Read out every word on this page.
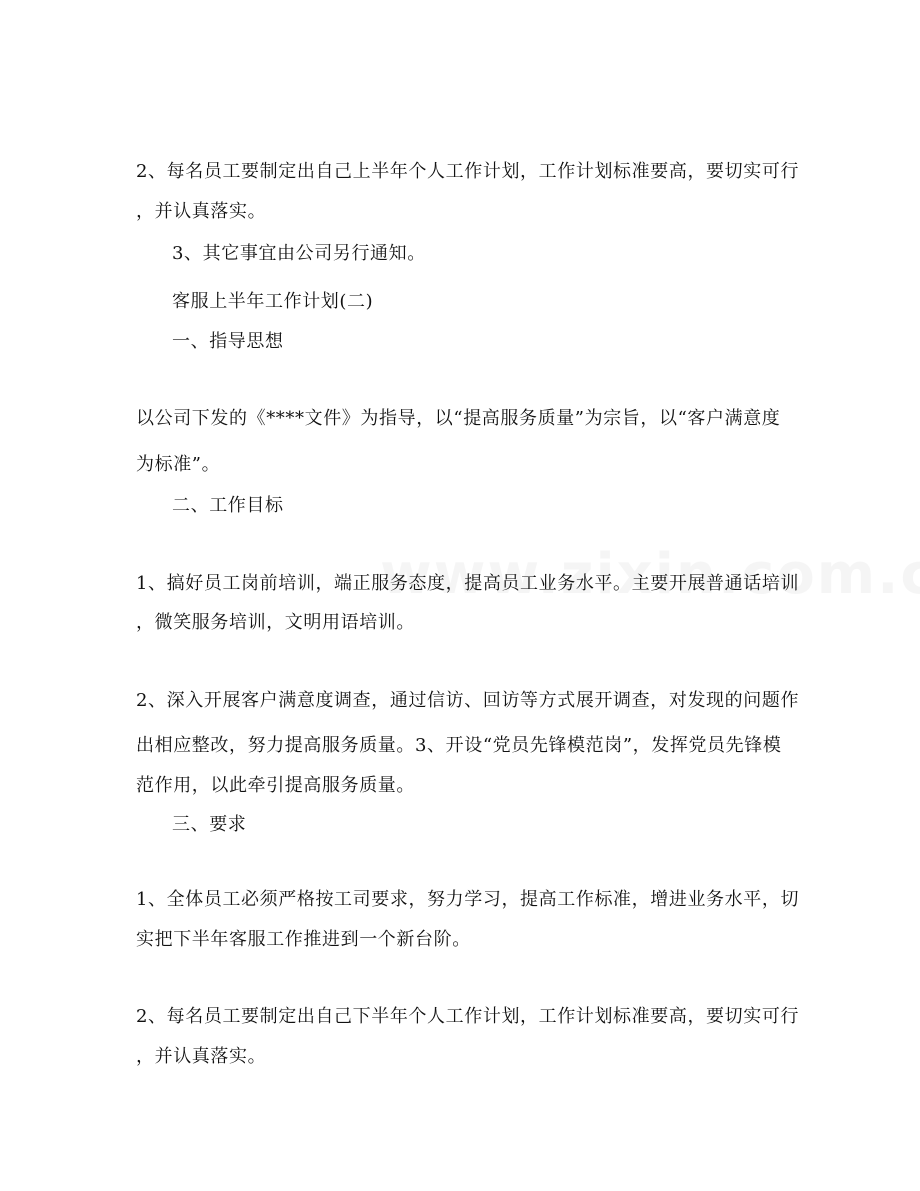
2、每名员工要制定出自己上半年个人工作计划，工作计划标准要高，要切实可行
，并认真落实。
3、其它事宜由公司另行通知。
客服上半年工作计划(二)
一、指导思想
以公司下发的《****文件》为指导，以“提高服务质量”为宗旨，以“客户满意度
为标准”。
二、工作目标
1、搞好员工岗前培训，端正服务态度，提高员工业务水平。主要开展普通话培训
，微笑服务培训，文明用语培训。
2、深入开展客户满意度调查，通过信访、回访等方式展开调查，对发现的问题作
出相应整改，努力提高服务质量。3、开设“党员先锋模范岗”，发挥党员先锋模
范作用，以此牵引提高服务质量。
三、要求
1、全体员工必须严格按工司要求，努力学习，提高工作标准，增进业务水平，切
实把下半年客服工作推进到一个新台阶。
2、每名员工要制定出自己下半年个人工作计划，工作计划标准要高，要切实可行
，并认真落实。
